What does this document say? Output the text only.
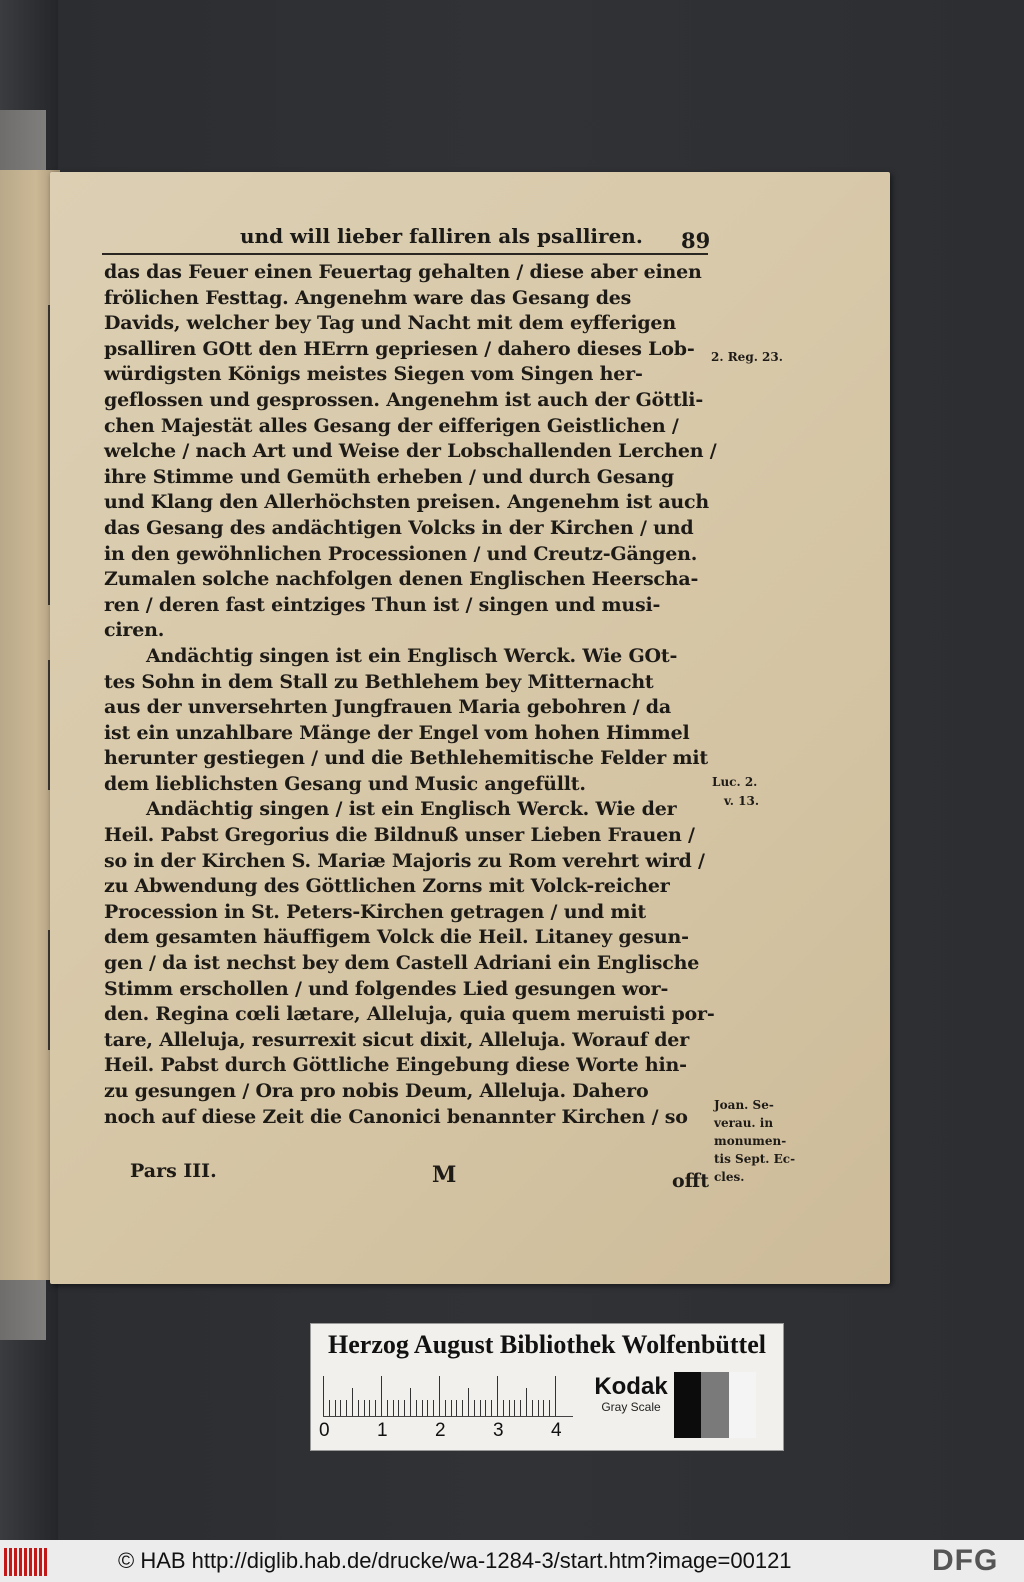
und will lieber falliren als psalliren. 89
das das Feuer einen Feuertag gehalten / diese aber einen
frölichen Festtag. Angenehm ware das Gesang des
Davids, welcher bey Tag und Nacht mit dem eyfferigen
psalliren GOtt den HErrn gepriesen / dahero dieses Lob-
würdigsten Königs meistes Siegen vom Singen her-
geflossen und gesprossen. Angenehm ist auch der Göttli-
chen Majestät alles Gesang der eifferigen Geistlichen /
welche / nach Art und Weise der Lobschallenden Lerchen /
ihre Stimme und Gemüth erheben / und durch Gesang
und Klang den Allerhöchsten preisen. Angenehm ist auch
das Gesang des andächtigen Volcks in der Kirchen / und
in den gewöhnlichen Processionen / und Creutz-Gängen.
Zumalen solche nachfolgen denen Englischen Heerscha-
ren / deren fast eintziges Thun ist / singen und musi-
ciren.
Andächtig singen ist ein Englisch Werck. Wie GOt-
tes Sohn in dem Stall zu Bethlehem bey Mitternacht
aus der unversehrten Jungfrauen Maria gebohren / da
ist ein unzahlbare Mänge der Engel vom hohen Himmel
herunter gestiegen / und die Bethlehemitische Felder mit
dem lieblichsten Gesang und Music angefüllt.
Andächtig singen / ist ein Englisch Werck. Wie der
Heil. Pabst Gregorius die Bildnuß unser Lieben Frauen /
so in der Kirchen S. Mariæ Majoris zu Rom verehrt wird /
zu Abwendung des Göttlichen Zorns mit Volck-reicher
Procession in St. Peters-Kirchen getragen / und mit
dem gesamten häuffigem Volck die Heil. Litaney gesun-
gen / da ist nechst bey dem Castell Adriani ein Englische
Stimm erschollen / und folgendes Lied gesungen wor-
den. Regina cœli lætare, Alleluja, quia quem meruisti por-
tare, Alleluja, resurrexit sicut dixit, Alleluja. Worauf der
Heil. Pabst durch Göttliche Eingebung diese Worte hin-
zu gesungen / Ora pro nobis Deum, Alleluja. Dahero
noch auf diese Zeit die Canonici benannter Kirchen / so
2. Reg. 23.
Luc. 2.
v. 13.
Joan. Se-
verau. in
monumen-
tis Sept. Ec-
cles.
Pars III.	M	offt
Herzog August Bibliothek Wolfenbüttel
0 1 2 3 4
Kodak
Gray Scale
© HAB http://diglib.hab.de/drucke/wa-1284-3/start.htm?image=00121	DFG
